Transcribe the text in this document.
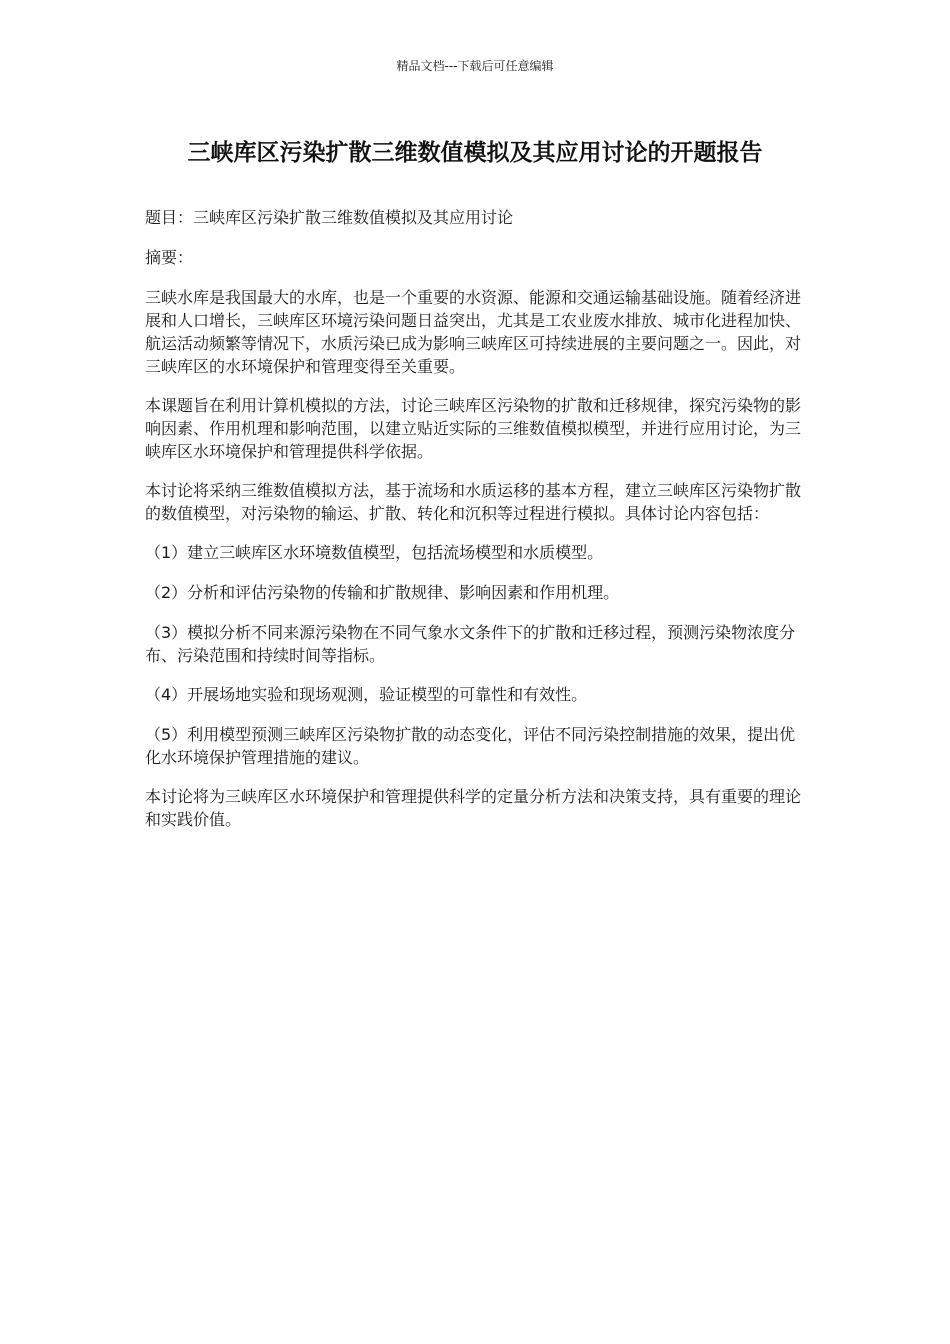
精品文档---下载后可任意编辑
三峡库区污染扩散三维数值模拟及其应用讨论的开题报告

题目：三峡库区污染扩散三维数值模拟及其应用讨论

摘要：

三峡水库是我国最大的水库，也是一个重要的水资源、能源和交通运输基础设施。随着经济进展和人口增长，三峡库区环境污染问题日益突出，尤其是工农业废水排放、城市化进程加快、航运活动频繁等情况下，水质污染已成为影响三峡库区可持续进展的主要问题之一。因此，对三峡库区的水环境保护和管理变得至关重要。

本课题旨在利用计算机模拟的方法，讨论三峡库区污染物的扩散和迁移规律，探究污染物的影响因素、作用机理和影响范围，以建立贴近实际的三维数值模拟模型，并进行应用讨论，为三峡库区水环境保护和管理提供科学依据。

本讨论将采纳三维数值模拟方法，基于流场和水质运移的基本方程，建立三峡库区污染物扩散的数值模型，对污染物的输运、扩散、转化和沉积等过程进行模拟。具体讨论内容包括：

（1）建立三峡库区水环境数值模型，包括流场模型和水质模型。

（2）分析和评估污染物的传输和扩散规律、影响因素和作用机理。

（3）模拟分析不同来源污染物在不同气象水文条件下的扩散和迁移过程，预测污染物浓度分布、污染范围和持续时间等指标。

（4）开展场地实验和现场观测，验证模型的可靠性和有效性。

（5）利用模型预测三峡库区污染物扩散的动态变化，评估不同污染控制措施的效果，提出优化水环境保护管理措施的建议。

本讨论将为三峡库区水环境保护和管理提供科学的定量分析方法和决策支持，具有重要的理论和实践价值。
